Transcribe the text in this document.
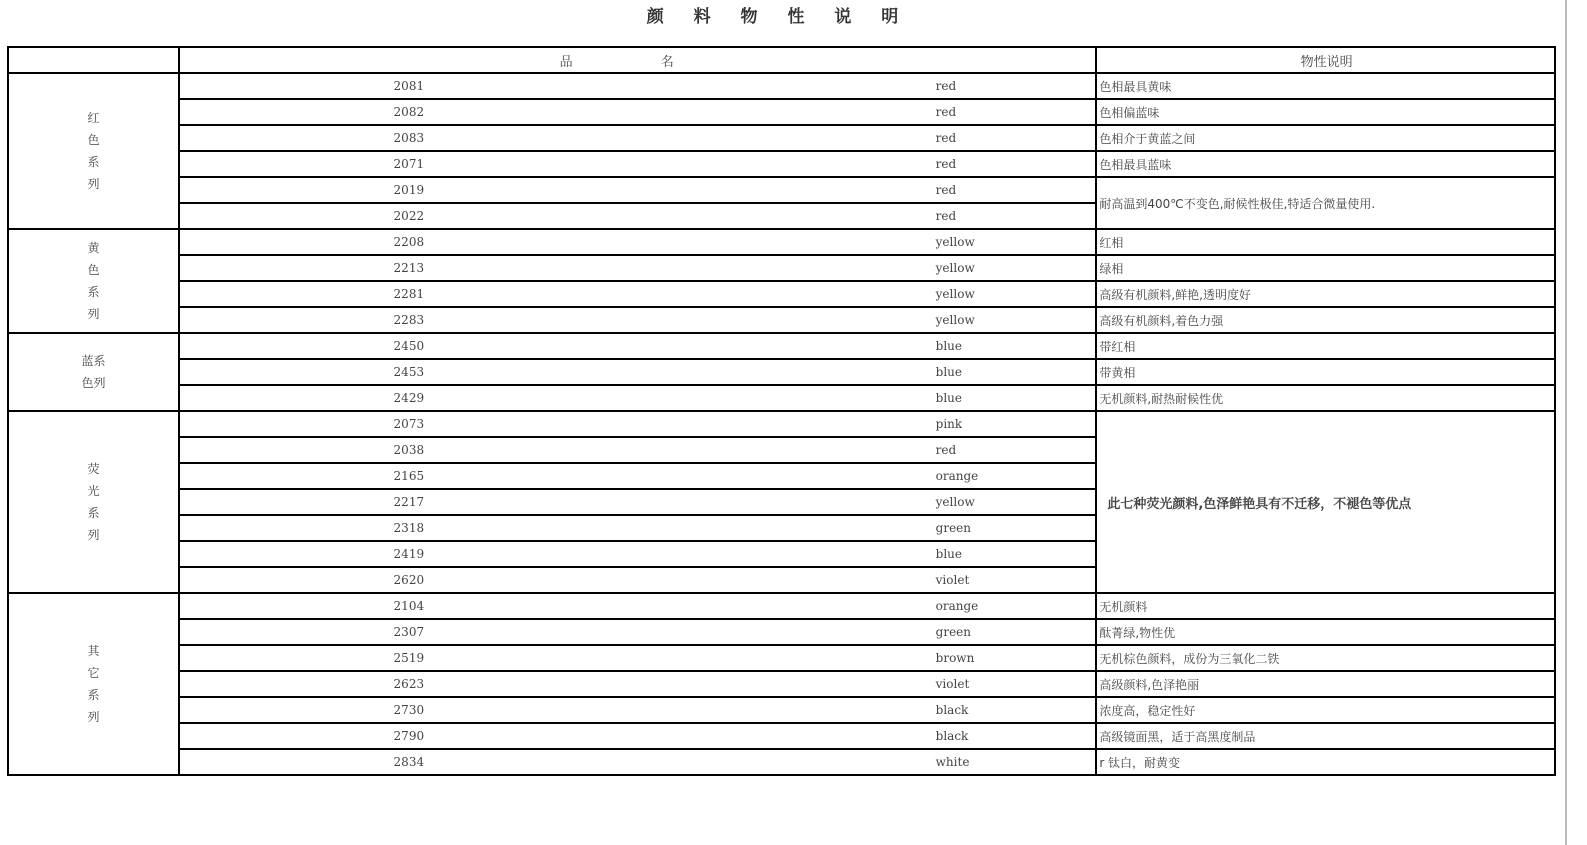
颜 料 物 性 说 明
	品 名		物性说明
红
色
系
列	2081	red	色相最具黄味
	2082	red	色相偏蓝味
	2083	red	色相介于黄蓝之间
	2071	red	色相最具蓝味
	2019	red	耐高温到400℃不变色,耐候性极佳,特适合微量使用.
	2022	red	
黄
色
系
列	2208	yellow	红相
	2213	yellow	绿相
	2281	yellow	高级有机颜料,鲜艳,透明度好
	2283	yellow	高级有机颜料,着色力强
蓝系
色列	2450	blue	带红相
	2453	blue	带黄相
	2429	blue	无机颜料,耐热耐候性优
荧
光
系
列	2073	pink	此七种荧光颜料,色泽鲜艳具有不迁移，不褪色等优点
	2038	red	
	2165	orange	
	2217	yellow	
	2318	green	
	2419	blue	
	2620	violet	
其
它
系
列	2104	orange	无机颜料
	2307	green	酞菁绿,物性优
	2519	brown	无机棕色颜料，成份为三氧化二铁
	2623	violet	高级颜料,色泽艳丽
	2730	black	浓度高，稳定性好
	2790	black	高级镜面黑，适于高黑度制品
	2834	white	r 钛白，耐黄变
